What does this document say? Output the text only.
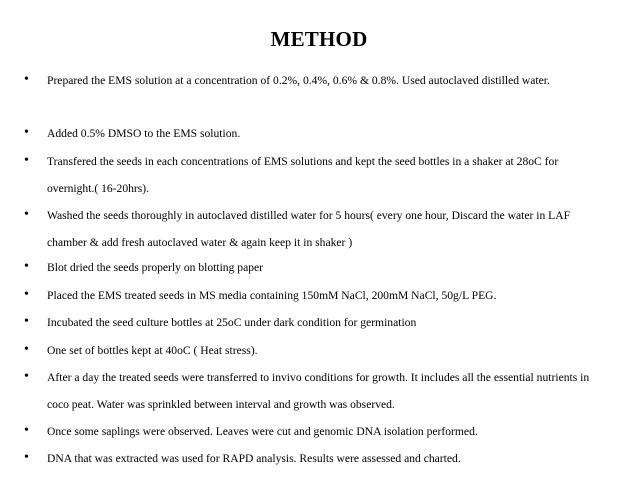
METHOD
• Prepared the EMS solution at a concentration of 0.2%, 0.4%, 0.6% & 0.8%. Used autoclaved distilled water.
• Added 0.5% DMSO to the EMS solution.
• Transfered the seeds in each concentrations of EMS solutions and kept the seed bottles in a shaker at 28oC for overnight.( 16-20hrs).
• Washed the seeds thoroughly in autoclaved distilled water for 5 hours( every one hour, Discard the water in LAF chamber & add fresh autoclaved water & again keep it in shaker )
• Blot dried the seeds properly on blotting paper
• Placed the EMS treated seeds in MS media containing 150mM NaCl, 200mM NaCl, 50g/L PEG.
• Incubated the seed culture bottles at 25oC under dark condition for germination
• One set of bottles kept at 40oC ( Heat stress).
• After a day the treated seeds were transferred to invivo conditions for growth. It includes all the essential nutrients in coco peat. Water was sprinkled between interval and growth was observed.
• Once some saplings were observed. Leaves were cut and genomic DNA isolation performed.
• DNA that was extracted was used for RAPD analysis. Results were assessed and charted.
